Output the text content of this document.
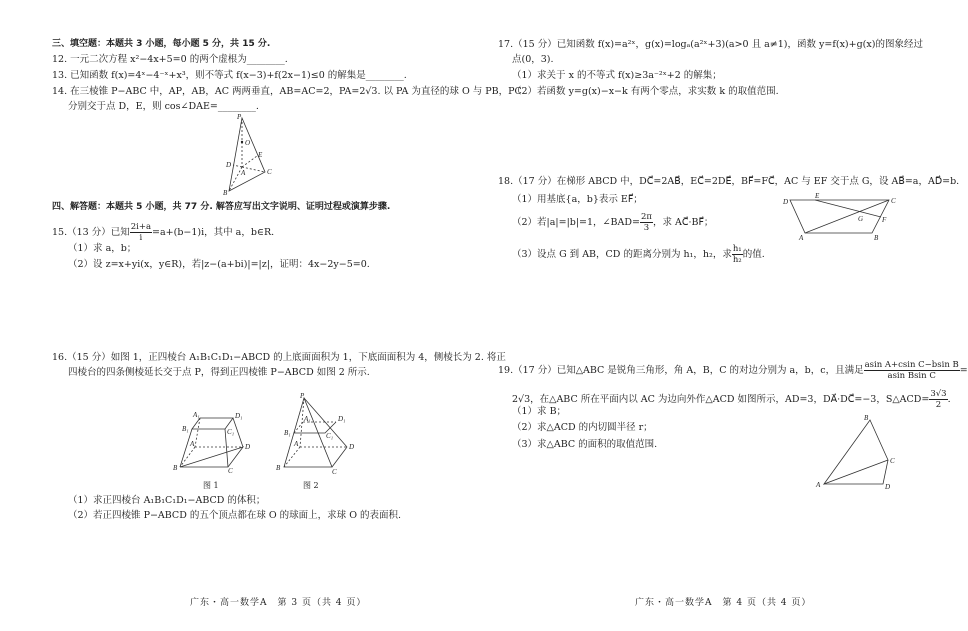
三、填空题：本题共 3 小题，每小题 5 分，共 15 分.
12. 一元二次方程 x²−4x+5=0 的两个虚根为________.
13. 已知函数 f(x)=4ˣ−4⁻ˣ+x³，则不等式 f(x−3)+f(2x−1)≤0 的解集是________.
14. 在三棱锥 P−ABC 中，AP，AB，AC 两两垂直，AB=AC=2，PA=2√3. 以 PA 为直径的球 O 与 PB，PC
分别交于点 D，E，则 cos∠DAE=________.
P
O
E
D
A	C
B
四、解答题：本题共 5 小题，共 77 分. 解答应写出文字说明、证明过程或演算步骤.
15.（13 分）已知 $\frac{2i+a}{i} =a+(b-1)i$，其中 a，b∈R.
（1）求 a，b；
（2）设 z=x+yi(x，y∈R)，若|z−(a+bi)|=|z|，证明：4x−2y−5=0.
16.（15 分）如图 1，正四棱台 A₁B₁C₁D₁−ABCD 的上底面面积为 1，下底面面积为 4，侧棱长为 2. 将正
四棱台的四条侧棱延长交于点 P，得到正四棱锥 P−ABCD 如图 2 所示.
A₁
B₁	C₁
D₁
A
B	C
D
图 1
P
A₁
B₁	C₁
D₁
A
B	C
D
图 2
（1）求正四棱台 A₁B₁C₁D₁−ABCD 的体积；
（2）若正四棱锥 P−ABCD 的五个顶点都在球 O 的球面上，求球 O 的表面积.
广东・高一数学A　第 3 页（共 4 页）
17.（15 分）已知函数 f(x)=a²ˣ，g(x)=logₐ(a²ˣ+3)(a>0 且 a≠1)，函数 y=f(x)+g(x)的图象经过
点(0，3).
（1）求关于 x 的不等式 f(x)≥3a⁻²ˣ+2 的解集；
（2）若函数 y=g(x)−x−k 有两个零点，求实数 k 的取值范围.
18.（17 分）在梯形 ABCD 中，DC⃗=2AB⃗，EC⃗=2DE⃗，BF⃗=FC⃗，AC 与 EF 交于点 G，设 AB⃗=a，AD⃗=b.
（1）用基底{a，b}表示 EF⃗；
（2）若|a|=|b|=1，∠BAD= $\frac{2\pi}{3}$ ，求 AC⃗·BF⃗；
（3）设点 G 到 AB，CD 的距离分别为 h₁，h₂，求 $\frac{\text{h₁}}{\text{h₂}}$ 的值.
D
E
C
G	F
A	B
19.（17 分）已知△ABC 是锐角三角形，角 A，B，C 的对边分别为 a，b，c，且满足 $\frac{\text{asin A+csin C−bsin B}}{\text{asin Bsin C}}$ =
2√3，在△ABC 所在平面内以 AC 为边向外作△ACD 如图所示，AD=3，DA⃗·DC⃗=−3，S△ACD= $\frac{3√3}{2}$ .
（1）求 B；
（2）求△ACD 的内切圆半径 r；
（3）求△ABC 的面积的取值范围.
B
C
A	D
广东・高一数学A　第 4 页（共 4 页）
